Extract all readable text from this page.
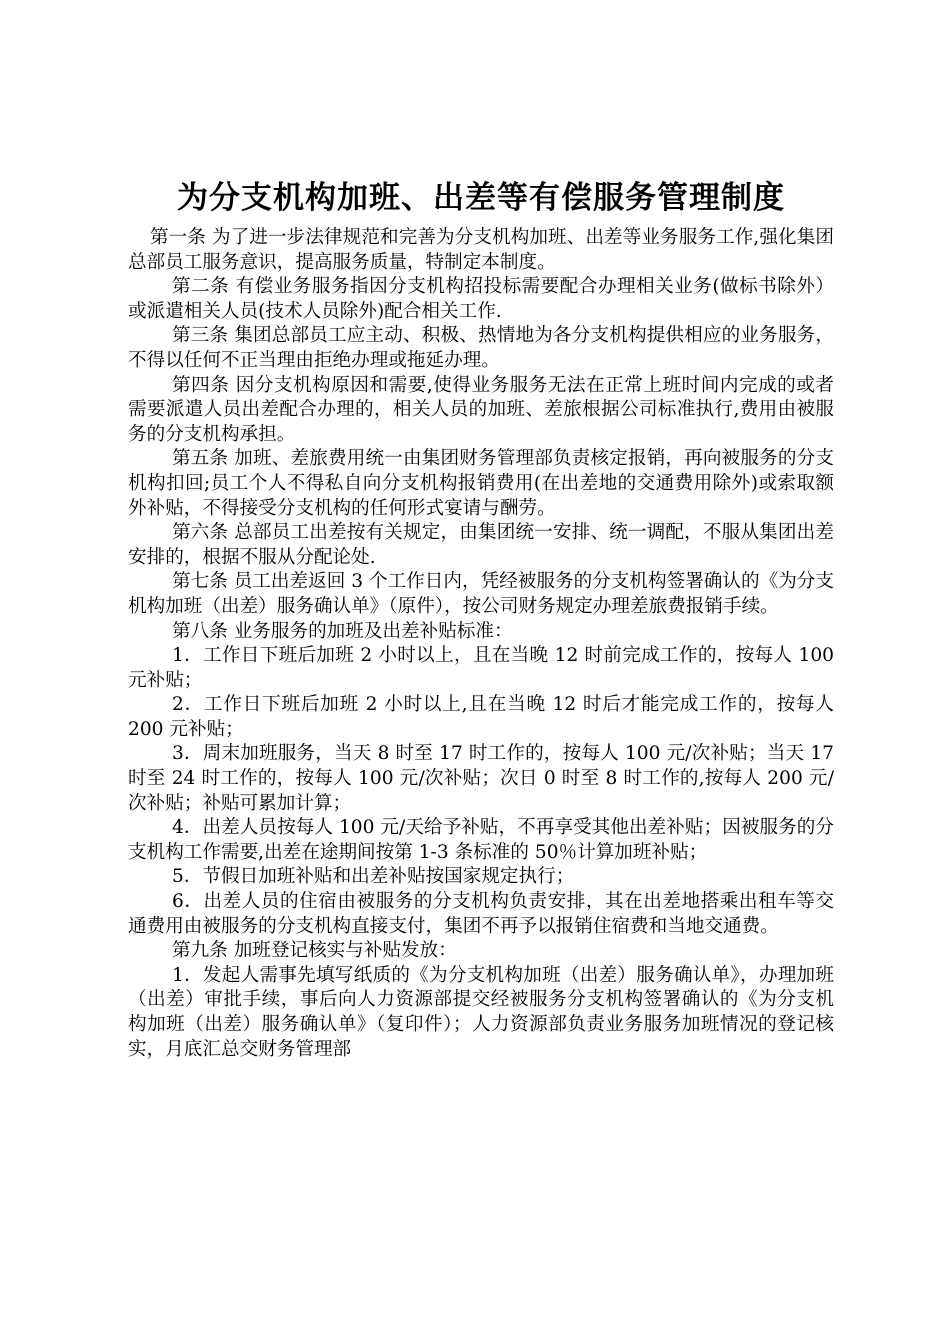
为分支机构加班、出差等有偿服务管理制度

第一条 为了进一步法律规范和完善为分支机构加班、出差等业务服务工作,强化集团总部员工服务意识，提高服务质量，特制定本制度。

第二条 有偿业务服务指因分支机构招投标需要配合办理相关业务(做标书除外）或派遣相关人员(技术人员除外)配合相关工作.

第三条 集团总部员工应主动、积极、热情地为各分支机构提供相应的业务服务，不得以任何不正当理由拒绝办理或拖延办理。

第四条 因分支机构原因和需要,使得业务服务无法在正常上班时间内完成的或者需要派遣人员出差配合办理的，相关人员的加班、差旅根据公司标准执行,费用由被服务的分支机构承担。

第五条 加班、差旅费用统一由集团财务管理部负责核定报销，再向被服务的分支机构扣回;员工个人不得私自向分支机构报销费用(在出差地的交通费用除外)或索取额外补贴，不得接受分支机构的任何形式宴请与酬劳。

第六条 总部员工出差按有关规定，由集团统一安排、统一调配，不服从集团出差安排的，根据不服从分配论处.

第七条 员工出差返回 3 个工作日内，凭经被服务的分支机构签署确认的《为分支机构加班（出差）服务确认单》（原件），按公司财务规定办理差旅费报销手续。

第八条 业务服务的加班及出差补贴标准：

1．工作日下班后加班 2 小时以上，且在当晚 12 时前完成工作的，按每人 100 元补贴；

2．工作日下班后加班 2 小时以上,且在当晚 12 时后才能完成工作的，按每人 200 元补贴；

3．周末加班服务，当天 8 时至 17 时工作的，按每人 100 元/次补贴；当天 17 时至 24 时工作的，按每人 100 元/次补贴；次日 0 时至 8 时工作的,按每人 200 元/次补贴；补贴可累加计算；

4．出差人员按每人 100 元/天给予补贴，不再享受其他出差补贴；因被服务的分支机构工作需要,出差在途期间按第 1-3 条标准的 50％计算加班补贴；

5．节假日加班补贴和出差补贴按国家规定执行；

6．出差人员的住宿由被服务的分支机构负责安排，其在出差地搭乘出租车等交通费用由被服务的分支机构直接支付，集团不再予以报销住宿费和当地交通费。

第九条 加班登记核实与补贴发放：

1．发起人需事先填写纸质的《为分支机构加班（出差）服务确认单》，办理加班（出差）审批手续，事后向人力资源部提交经被服务分支机构签署确认的《为分支机构加班（出差）服务确认单》（复印件）；人力资源部负责业务服务加班情况的登记核实，月底汇总交财务管理部
